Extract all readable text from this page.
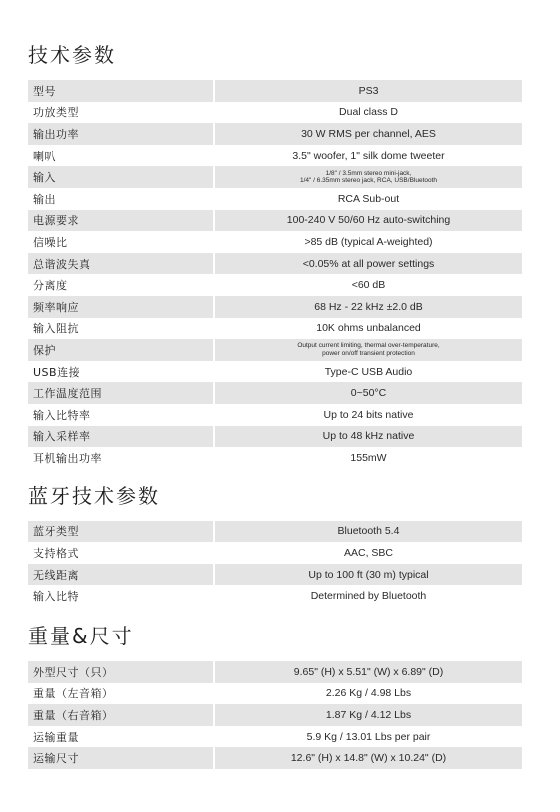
技术参数
型号	PS3
功放类型	Dual class D
输出功率	30 W RMS per channel, AES
喇叭	3.5" woofer, 1" silk dome tweeter
输入	1/8" / 3.5mm stereo mini-jack,
1/4" / 6.35mm stereo jack, RCA, USB/Bluetooth

输出	RCA Sub-out
电源要求	100-240 V 50/60 Hz auto-switching
信噪比	>85 dB (typical A-weighted)
总谐波失真	<0.05% at all power settings
分离度	<60 dB
频率响应	68 Hz - 22 kHz ±2.0 dB
输入阻抗	10K ohms unbalanced
保护	Output current limiting, thermal over-temperature,
power on/off transient protection

USB连接	Type-C USB Audio
工作温度范围	0~50°C
输入比特率	Up to 24 bits native
输入采样率	Up to 48 kHz native
耳机输出功率	155mW
蓝牙技术参数
蓝牙类型	Bluetooth 5.4
支持格式	AAC, SBC
无线距离	Up to 100 ft (30 m) typical
输入比特	Determined by Bluetooth
重量&尺寸
外型尺寸（只）	9.65" (H) x 5.51" (W) x 6.89" (D)
重量（左音箱）	2.26 Kg / 4.98 Lbs
重量（右音箱）	1.87 Kg / 4.12 Lbs
运输重量	5.9 Kg / 13.01 Lbs per pair
运输尺寸	12.6" (H) x 14.8" (W) x 10.24" (D)
